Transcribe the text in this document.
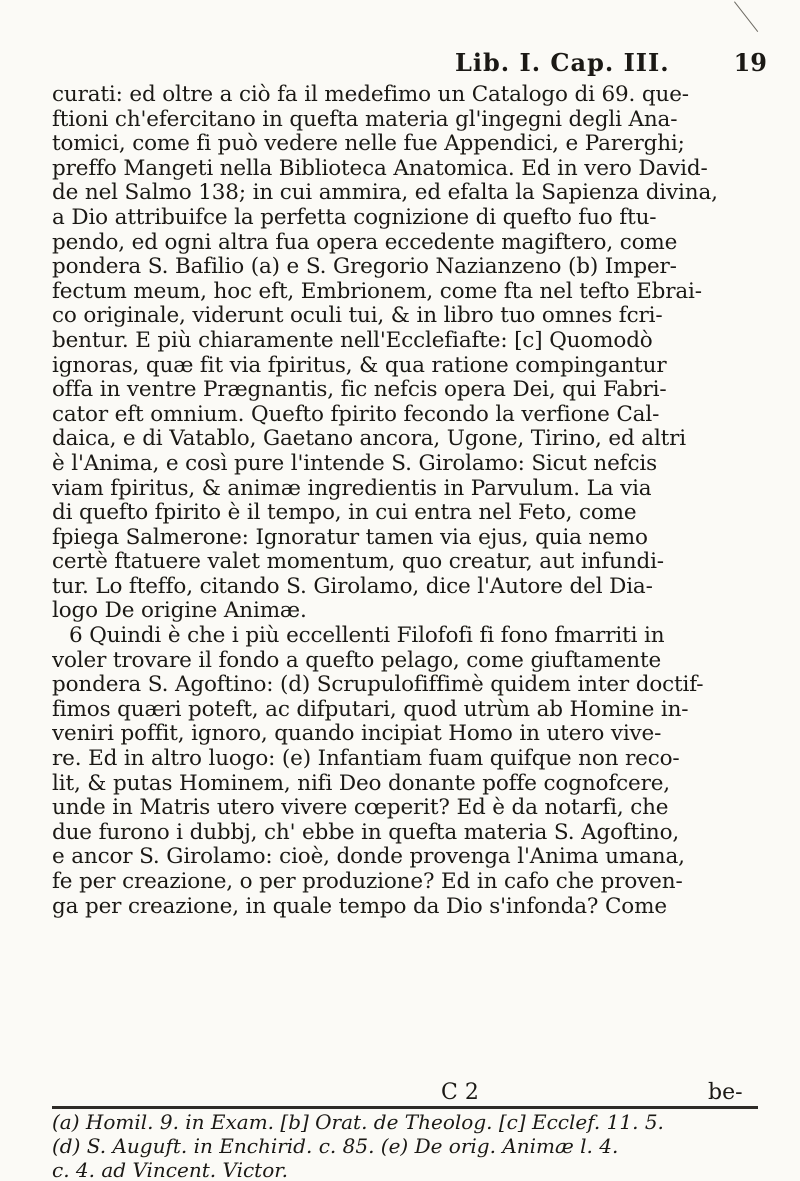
Lib. I. Cap. III.	19
curati: ed oltre a ciò fa il medefimo un Catalogo di 69. que-
ftioni ch'efercitano in quefta materia gl'ingegni degli Ana-
tomici, come fi può vedere nelle fue Appendici, e Parerghi;
preffo Mangeti nella Biblioteca Anatomica. Ed in vero David-
de nel Salmo 138; in cui ammira, ed efalta la Sapienza divina,
a Dio attribuifce la perfetta cognizione di quefto fuo ftu-
pendo, ed ogni altra fua opera eccedente magiftero, come
pondera S. Bafilio (a) e S. Gregorio Nazianzeno (b) Imper-
fectum meum, hoc eft, Embrionem, come fta nel tefto Ebrai-
co originale, viderunt oculi tui, & in libro tuo omnes fcri-
bentur. E più chiaramente nell'Ecclefiafte: [c] Quomodò
ignoras, quæ fit via fpiritus, & qua ratione compingantur
offa in ventre Prægnantis, fic nefcis opera Dei, qui Fabri-
cator eft omnium. Quefto fpirito fecondo la verfione Cal-
daica, e di Vatablo, Gaetano ancora, Ugone, Tirino, ed altri
è l'Anima, e così pure l'intende S. Girolamo: Sicut nefcis
viam fpiritus, & animæ ingredientis in Parvulum. La via
di quefto fpirito è il tempo, in cui entra nel Feto, come
fpiega Salmerone: Ignoratur tamen via ejus, quia nemo
certè ftatuere valet momentum, quo creatur, aut infundi-
tur. Lo fteffo, citando S. Girolamo, dice l'Autore del Dia-
logo De origine Animæ.
6 Quindi è che i più eccellenti Filofofi fi fono fmarriti in
voler trovare il fondo a quefto pelago, come giuftamente
pondera S. Agoftino: (d) Scrupulofiffimè quidem inter doctif-
fimos quæri poteft, ac difputari, quod utrùm ab Homine in-
veniri poffit, ignoro, quando incipiat Homo in utero vive-
re. Ed in altro luogo: (e) Infantiam fuam quifque non reco-
lit, & putas Hominem, nifi Deo donante poffe cognofcere,
unde in Matris utero vivere cœperit? Ed è da notarfi, che
due furono i dubbj, ch' ebbe in quefta materia S. Agoftino,
e ancor S. Girolamo: cioè, donde provenga l'Anima umana,
fe per creazione, o per produzione? Ed in cafo che proven-
ga per creazione, in quale tempo da Dio s'infonda? Come
C 2	be-
(a) Homil. 9. in Exam. [b] Orat. de Theolog. [c] Ecclef. 11. 5.
(d) S. Auguft. in Enchirid. c. 85. (e) De orig. Animæ l. 4.
c. 4. ad Vincent. Victor.
